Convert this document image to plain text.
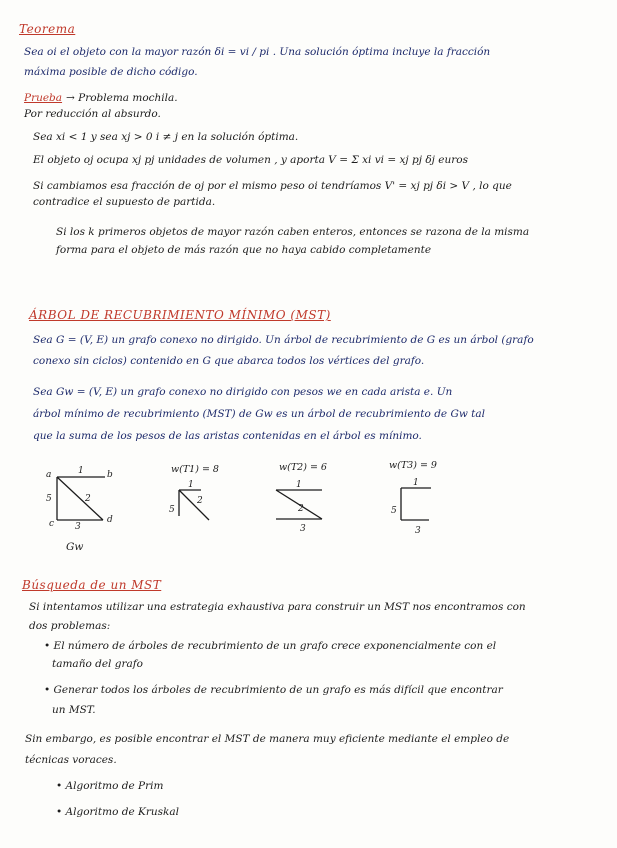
Teorema
Sea oi el objeto con la mayor razón δi = vi / pi . Una solución óptima incluye la fracción
máxima posible de dicho código.
Prueba → Problema mochila.
Por reducción al absurdo.
Sea xi < 1 y sea xj > 0 i ≠ j en la solución óptima.
El objeto oj ocupa xj pj unidades de volumen , y aporta V = Σ xi vi = xj pj δj euros
Si cambiamos esa fracción de oj por el mismo peso oi tendríamos V' = xj pj δi > V , lo que
contradice el supuesto de partida.
Si los k primeros objetos de mayor razón caben enteros, entonces se razona de la misma
forma para el objeto de más razón que no haya cabido completamente
ÁRBOL DE RECUBRIMIENTO MÍNIMO (MST)
Sea G = (V, E) un grafo conexo no dirigido. Un árbol de recubrimiento de G es un árbol (grafo
conexo sin ciclos) contenido en G que abarca todos los vértices del grafo.
Sea Gw = (V, E) un grafo conexo no dirigido con pesos we en cada arista e. Un
árbol mínimo de recubrimiento (MST) de Gw es un árbol de recubrimiento de Gw tal
que la suma de los pesos de las aristas contenidas en el árbol es mínimo.
a	b
c	d
1
2
5
3
Gw
w(T1) = 8
1
2
5
w(T2) = 6
1
2
3
w(T3) = 9
1
5
3
Búsqueda de un MST
Si intentamos utilizar una estrategia exhaustiva para construir un MST nos encontramos con
dos problemas:
• El número de árboles de recubrimiento de un grafo crece exponencialmente con el
tamaño del grafo
• Generar todos los árboles de recubrimiento de un grafo es más difícil que encontrar
un MST.
Sin embargo, es posible encontrar el MST de manera muy eficiente mediante el empleo de
técnicas voraces.
• Algoritmo de Prim
• Algoritmo de Kruskal
